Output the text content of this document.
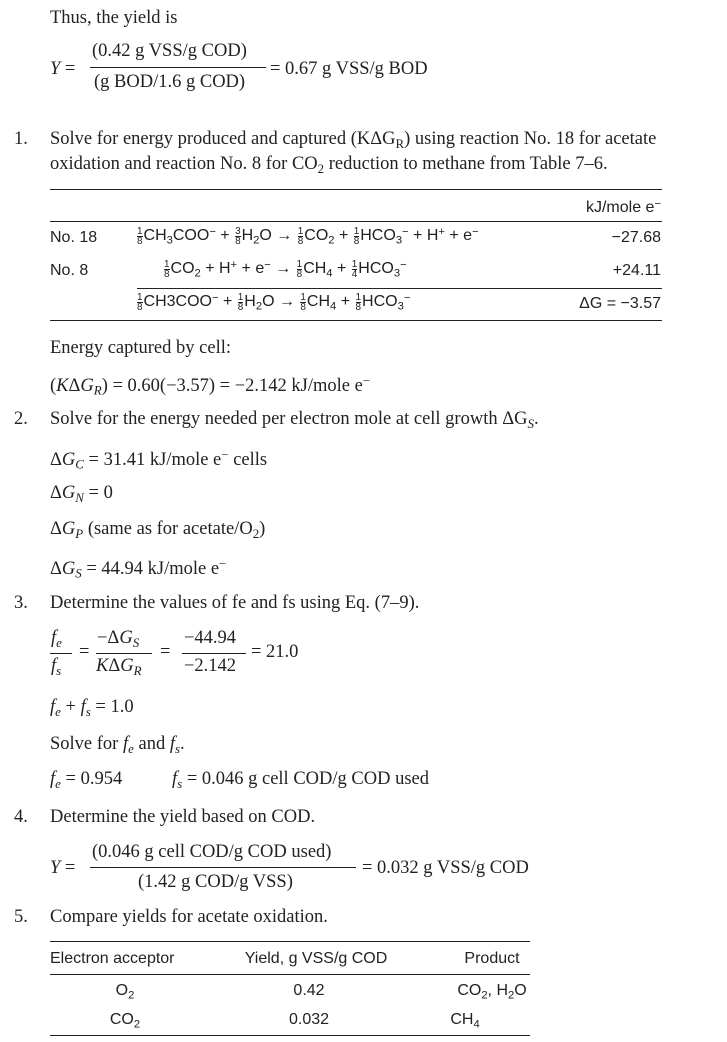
Thus, the yield is
Y =
(0.42 g VSS/g COD)
(g BOD/1.6 g COD)
= 0.67 g VSS/g BOD
1. Solve for energy produced and captured $(K\Delta G_R)$ using reaction No. 18 for acetate
oxidation and reaction No. 8 for $CO_2$ reduction to methane from Table 7–6.
kJ/mole e−
No. 18	$\frac{1}{8} CH_3COO^- + \frac{3}{8} H_2O \to \frac{1}{8} CO_2 + \frac{1}{8} HCO_3^- + H^+ + e^-$	−27.68
No. 8	$\frac{1}{8} CO_2 + H^+ + e^- \to \frac{1}{8} CH_4 + \frac{1}{4} HCO_3^-$	+24.11
$\frac{1}{8} CH3COO^- + \frac{1}{8} H_2O \to \frac{1}{8} CH_4 + \frac{1}{8} HCO_3^-$	ΔG = −3.57
Energy captured by cell:
$(K\Delta G_R) = 0.60(-3.57) = -2.142$ kJ/mole e−
2. Solve for the energy needed per electron mole at cell growth $\Delta G_S$.
$\Delta G_C = 31.41$ kJ/mole e− cells
$\Delta G_N = 0$
$\Delta G_P$ (same as for acetate/$O_2$)
$\Delta G_S = 44.94$ kJ/mole e−
3. Determine the values of fe and fs using Eq. (7–9).
$f_e$
$f_s$
=
$-\Delta G_S$
$K\Delta G_R$
=
−44.94
−2.142
= 21.0
$f_e + f_s = 1.0$
Solve for $f_e$ and $f_s$.
$f_e = 0.954$	$f_s = 0.046$ g cell COD/g COD used
4. Determine the yield based on COD.
Y =
(0.046 g cell COD/g COD used)
(1.42 g COD/g VSS)
= 0.032 g VSS/g COD
5. Compare yields for acetate oxidation.
Electron acceptor	Yield, g VSS/g COD	Product
$O_2$	0.42	$CO_2$, $H_2O$
$CO_2$	0.032	$CH_4$
